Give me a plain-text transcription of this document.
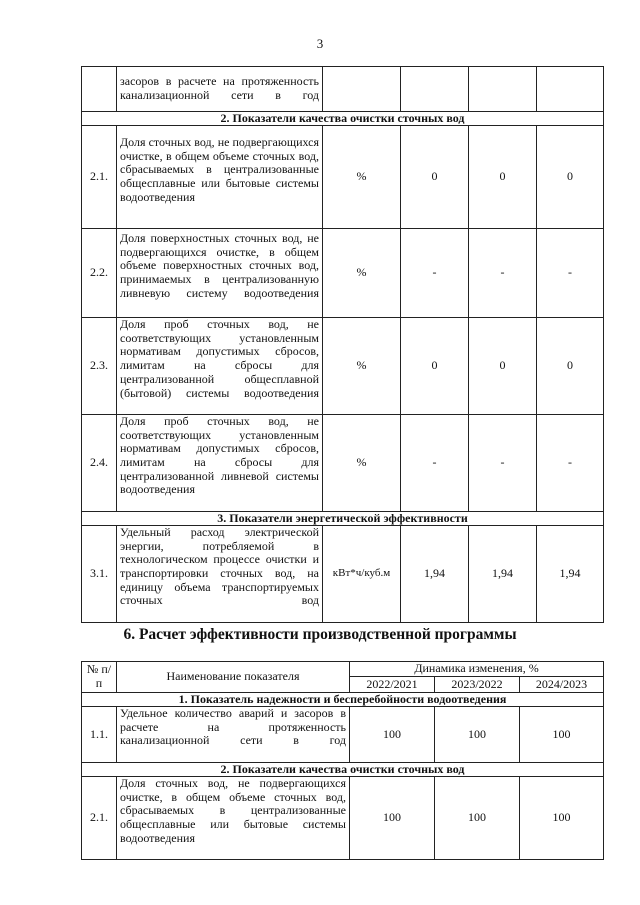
3
	засоров в расчете на протяженность канализационной сети в год				
2. Показатели качества очистки сточных вод					
2.1.	Доля сточных вод, не подвергающихся очистке, в общем объеме сточных вод, сбрасываемых в централизованные общесплавные или бытовые системы водоотведения	%	0	0	0
2.2.	Доля поверхностных сточных вод, не подвергающихся очистке, в общем объеме поверхностных сточных вод, принимаемых в централизованную ливневую систему водоотведения	%	-	-	-
2.3.	Доля проб сточных вод, не соответствующих установленным нормативам допустимых сбросов, лимитам на сбросы для централизованной общесплавной (бытовой) системы водоотведения	%	0	0	0
2.4.	Доля проб сточных вод, не соответствующих установленным нормативам допустимых сбросов, лимитам на сбросы для централизованной ливневой системы водоотведения	%	-	-	-
3. Показатели энергетической эффективности					
3.1.	Удельный расход электрической энергии, потребляемой в технологическом процессе очистки и транспортировки сточных вод, на единицу объема транспортируемых сточных вод	кВт*ч/куб.м	1,94	1,94	1,94
6. Расчет эффективности производственной программы
№ п/п	Наименование показателя	Динамика изменения, %		
		2022/2021	2023/2022	2024/2023
1. Показатель надежности и бесперебойности водоотведения				
1.1.	Удельное количество аварий и засоров в расчете на протяженность канализационной сети в год	100	100	100
2. Показатели качества очистки сточных вод				
2.1.	Доля сточных вод, не подвергающихся очистке, в общем объеме сточных вод, сбрасываемых в централизованные общесплавные или бытовые системы водоотведения	100	100	100
